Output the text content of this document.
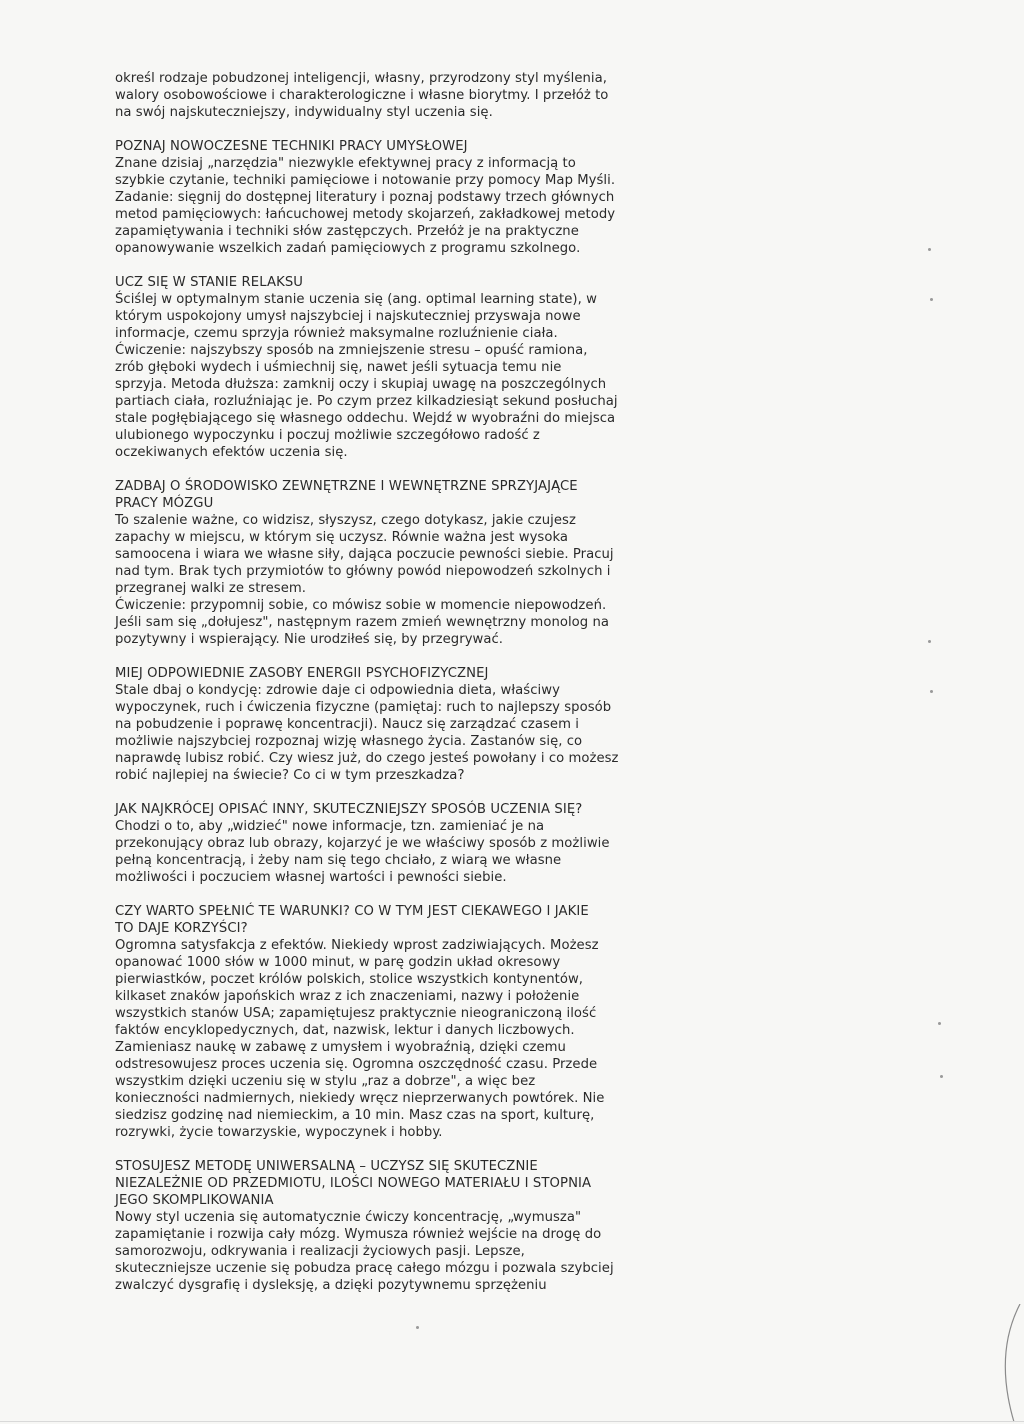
określ rodzaje pobudzonej inteligencji, własny, przyrodzony styl myślenia,
walory osobowościowe i charakterologiczne i własne biorytmy. I przełóż to
na swój najskuteczniejszy, indywidualny styl uczenia się.
POZNAJ NOWOCZESNE TECHNIKI PRACY UMYSŁOWEJ
Znane dzisiaj „narzędzia" niezwykle efektywnej pracy z informacją to
szybkie czytanie, techniki pamięciowe i notowanie przy pomocy Map Myśli.
Zadanie: sięgnij do dostępnej literatury i poznaj podstawy trzech głównych
metod pamięciowych: łańcuchowej metody skojarzeń, zakładkowej metody
zapamiętywania i techniki słów zastępczych. Przełóż je na praktyczne
opanowywanie wszelkich zadań pamięciowych z programu szkolnego.
UCZ SIĘ W STANIE RELAKSU
Ściślej w optymalnym stanie uczenia się (ang. optimal learning state), w
którym uspokojony umysł najszybciej i najskuteczniej przyswaja nowe
informacje, czemu sprzyja również maksymalne rozluźnienie ciała.
Ćwiczenie: najszybszy sposób na zmniejszenie stresu – opuść ramiona,
zrób głęboki wydech i uśmiechnij się, nawet jeśli sytuacja temu nie
sprzyja. Metoda dłuższa: zamknij oczy i skupiaj uwagę na poszczególnych
partiach ciała, rozluźniając je. Po czym przez kilkadziesiąt sekund posłuchaj
stale pogłębiającego się własnego oddechu. Wejdź w wyobraźni do miejsca
ulubionego wypoczynku i poczuj możliwie szczegółowo radość z
oczekiwanych efektów uczenia się.
ZADBAJ O ŚRODOWISKO ZEWNĘTRZNE I WEWNĘTRZNE SPRZYJAJĄCE
PRACY MÓZGU
To szalenie ważne, co widzisz, słyszysz, czego dotykasz, jakie czujesz
zapachy w miejscu, w którym się uczysz. Równie ważna jest wysoka
samoocena i wiara we własne siły, dająca poczucie pewności siebie. Pracuj
nad tym. Brak tych przymiotów to główny powód niepowodzeń szkolnych i
przegranej walki ze stresem.
Ćwiczenie: przypomnij sobie, co mówisz sobie w momencie niepowodzeń.
Jeśli sam się „dołujesz", następnym razem zmień wewnętrzny monolog na
pozytywny i wspierający. Nie urodziłeś się, by przegrywać.
MIEJ ODPOWIEDNIE ZASOBY ENERGII PSYCHOFIZYCZNEJ
Stale dbaj o kondycję: zdrowie daje ci odpowiednia dieta, właściwy
wypoczynek, ruch i ćwiczenia fizyczne (pamiętaj: ruch to najlepszy sposób
na pobudzenie i poprawę koncentracji). Naucz się zarządzać czasem i
możliwie najszybciej rozpoznaj wizję własnego życia. Zastanów się, co
naprawdę lubisz robić. Czy wiesz już, do czego jesteś powołany i co możesz
robić najlepiej na świecie? Co ci w tym przeszkadza?
JAK NAJKRÓCEJ OPISAĆ INNY, SKUTECZNIEJSZY SPOSÓB UCZENIA SIĘ?
Chodzi o to, aby „widzieć" nowe informacje, tzn. zamieniać je na
przekonujący obraz lub obrazy, kojarzyć je we właściwy sposób z możliwie
pełną koncentracją, i żeby nam się tego chciało, z wiarą we własne
możliwości i poczuciem własnej wartości i pewności siebie.
CZY WARTO SPEŁNIĆ TE WARUNKI? CO W TYM JEST CIEKAWEGO I JAKIE
TO DAJE KORZYŚCI?
Ogromna satysfakcja z efektów. Niekiedy wprost zadziwiających. Możesz
opanować 1000 słów w 1000 minut, w parę godzin układ okresowy
pierwiastków, poczet królów polskich, stolice wszystkich kontynentów,
kilkaset znaków japońskich wraz z ich znaczeniami, nazwy i położenie
wszystkich stanów USA; zapamiętujesz praktycznie nieograniczoną ilość
faktów encyklopedycznych, dat, nazwisk, lektur i danych liczbowych.
Zamieniasz naukę w zabawę z umysłem i wyobraźnią, dzięki czemu
odstresowujesz proces uczenia się. Ogromna oszczędność czasu. Przede
wszystkim dzięki uczeniu się w stylu „raz a dobrze", a więc bez
konieczności nadmiernych, niekiedy wręcz nieprzerwanych powtórek. Nie
siedzisz godzinę nad niemieckim, a 10 min. Masz czas na sport, kulturę,
rozrywki, życie towarzyskie, wypoczynek i hobby.
STOSUJESZ METODĘ UNIWERSALNĄ – UCZYSZ SIĘ SKUTECZNIE
NIEZALEŻNIE OD PRZEDMIOTU, ILOŚCI NOWEGO MATERIAŁU I STOPNIA
JEGO SKOMPLIKOWANIA
Nowy styl uczenia się automatycznie ćwiczy koncentrację, „wymusza"
zapamiętanie i rozwija cały mózg. Wymusza również wejście na drogę do
samorozwoju, odkrywania i realizacji życiowych pasji. Lepsze,
skuteczniejsze uczenie się pobudza pracę całego mózgu i pozwala szybciej
zwalczyć dysgrafię i dysleksję, a dzięki pozytywnemu sprzężeniu
